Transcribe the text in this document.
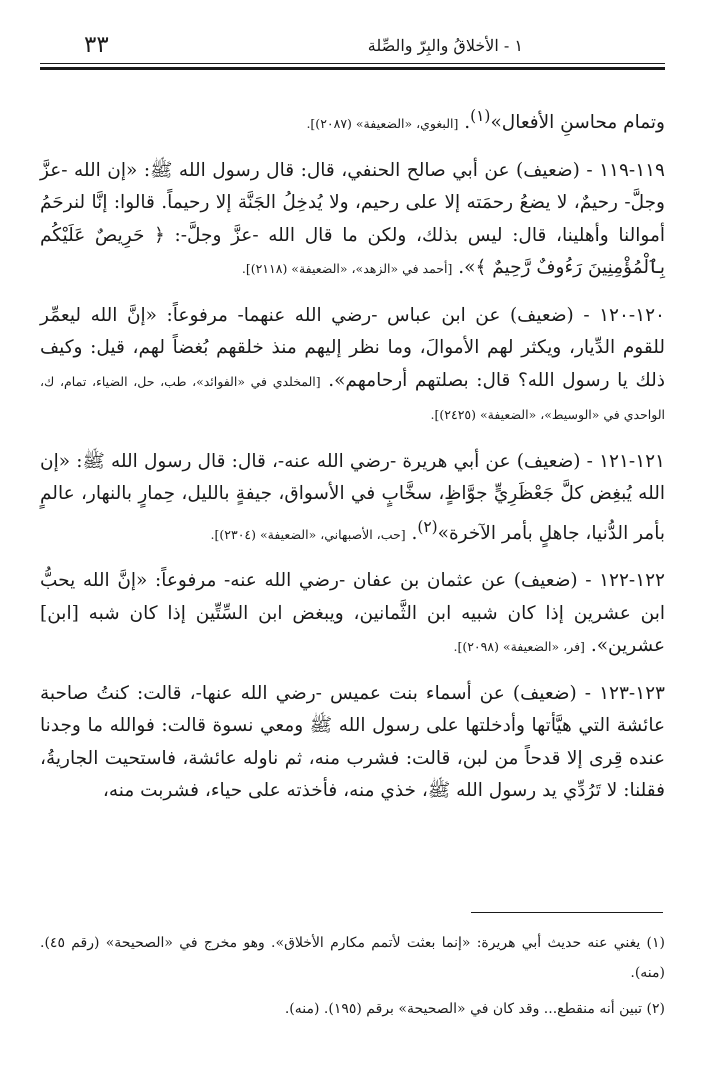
٣٣	١ - الأخلاقُ والبِرّ والصِّلة

وتمام محاسنِ الأفعال»$^{(١)}$. [البغوي، «الضعيفة» (٢٠٨٧)].

١١٩-١١٩ - (ضعيف) عن أبي صالح الحنفي، قال: قال رسول الله ﷺ: «إن الله -عزَّ وجلَّ- رحيمٌ، لا يضعُ رحمَته إلا على رحيم، ولا يُدخِلُ الجَنَّة إلا رحيماً. قالوا: إنَّا لنرحَمُ أموالنا وأهلينا، قال: ليس بذلك، ولكن ما قال الله -عزَّ وجلَّ-: ﴿ حَرِيصٌ عَلَيْكُم بِٱلْمُؤْمِنِينَ رَءُوفٌ رَّحِيمٌ ﴾». [أحمد في «الزهد»، «الضعيفة» (٢١١٨)].

١٢٠-١٢٠ - (ضعيف) عن ابن عباس -رضي الله عنهما- مرفوعاً: «إنَّ الله ليعمِّر للقوم الدِّيار، ويكثر لهم الأموالَ، وما نظر إليهم منذ خلقهم بُغضاً لهم، قيل: وكيف ذلك يا رسول الله؟ قال: بصلتهم أرحامهم». [المخلدي في «الفوائد»، طب، حل، الضياء، تمام، ك، الواحدي في «الوسيط»، «الضعيفة» (٢٤٢٥)].

١٢١-١٢١ - (ضعيف) عن أبي هريرة -رضي الله عنه-، قال: قال رسول الله ﷺ: «إن الله يُبغِض كلَّ جَعْظَرِيٍّ جوَّاظٍ، سخَّابٍ في الأسواق، جيفةٍ بالليل، حِمارٍ بالنهار، عالمٍ بأمر الدُّنيا، جاهلٍ بأمر الآخرة»$^{(٢)}$. [حب، الأصبهاني، «الضعيفة» (٢٣٠٤)].

١٢٢-١٢٢ - (ضعيف) عن عثمان بن عفان -رضي الله عنه- مرفوعاً: «إنَّ الله يحبُّ ابن عشرين إذا كان شبيه ابن الثَّمانين، ويبغض ابن السِّتِّين إذا كان شبه [ابن] عشرين». [فر، «الضعيفة» (٢٠٩٨)].

١٢٣-١٢٣ - (ضعيف) عن أسماء بنت عميس -رضي الله عنها-، قالت: كنتُ صاحبة عائشة التي هيَّأتها وأدخلتها على رسول الله ﷺ ومعي نسوة قالت: فوالله ما وجدنا عنده قِرى إلا قدحاً من لبن، قالت: فشرب منه، ثم ناوله عائشة، فاستحيت الجاريةُ، فقلنا: لا تَرُدِّي يد رسول الله ﷺ، خذي منه، فأخذته على حياء، فشربت منه،

(١) يغني عنه حديث أبي هريرة: «إنما بعثت لأتمم مكارم الأخلاق». وهو مخرج في «الصحيحة» (رقم ٤٥). (منه).

(٢) تبين أنه منقطع... وقد كان في «الصحيحة» برقم (١٩٥). (منه).
